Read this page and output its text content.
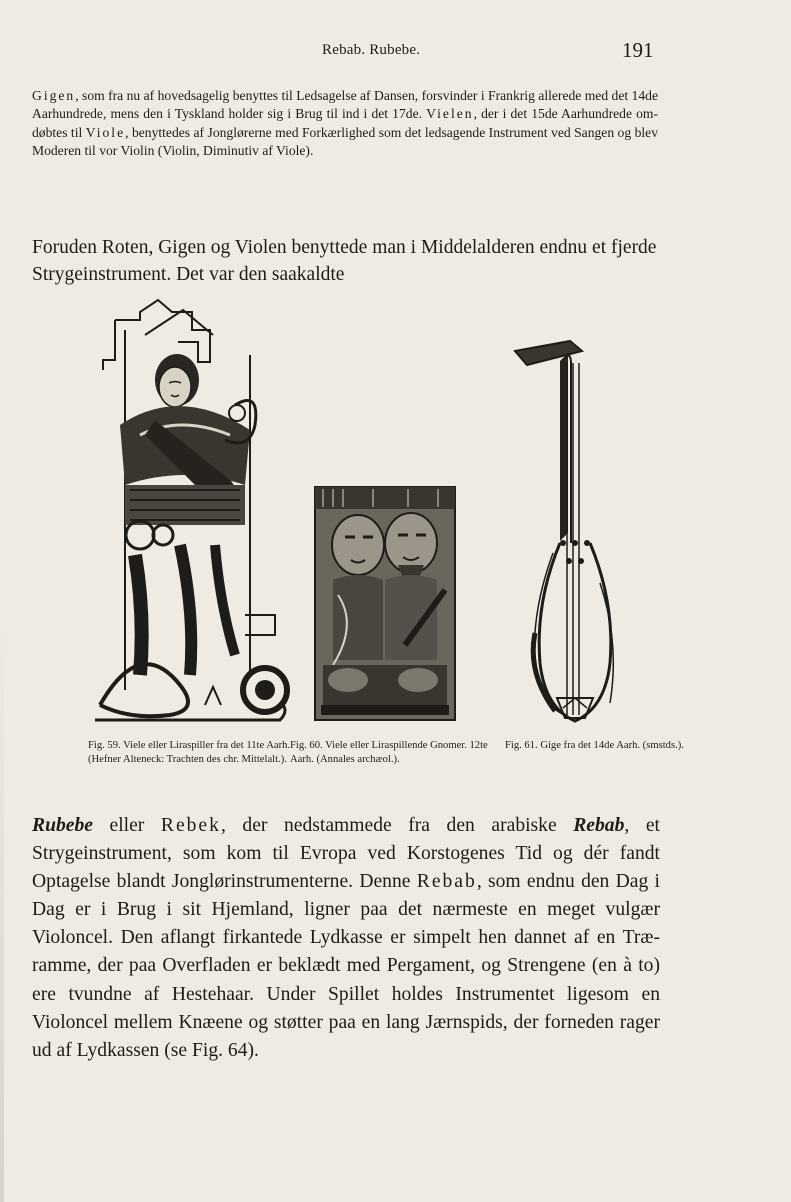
Rebab. Rubebe.	191

Gigen, som fra nu af hovedsagelig benyttes til Ledsagelse af Dansen, forsvinder i Frankrig allerede med det 14de Aarhundrede, mens den i Tyskland holder sig i Brug til ind i det 17de. Vielen, der i det 15de Aarhundrede omdøbtes til Viole, benyttedes af Jonglørerne med Forkærlighed som det ledsagende Instrument ved Sangen og blev Moderen til vor Violin (Violin, Diminutiv af Viole).

Foruden Roten, Gigen og Violen benyttede man i Middelalderen endnu et fjerde Strygeinstrument. Det var den saakaldte

Fig. 59. Viele eller Liraspiller fra det 11te Aarh. (Hefner Alteneck: Trachten des chr. Mittelalt.).
Fig. 60. Viele eller Liraspillende Gnomer. 12te Aarh. (Annales archæol.).
Fig. 61. Gige fra det 14de Aarh. (smstds.).

Rubebe eller Rebek, der nedstammede fra den arabiske Rebab, et Strygeinstrument, som kom til Evropa ved Korstogenes Tid og dér fandt Optagelse blandt Jonglørinstrumenterne. Denne Rebab, som endnu den Dag i Dag er i Brug i sit Hjemland, ligner paa det nærmeste en meget vulgær Violoncel. Den aflangt firkantede Lydkasse er simpelt hen dannet af en Træramme, der paa Overfladen er beklædt med Pergament, og Strengene (en à to) ere tvundne af Hestehaar. Under Spillet holdes Instrumentet ligesom en Violoncel mellem Knæene og støtter paa en lang Jærnspids, der forneden rager ud af Lydkassen (se Fig. 64).
